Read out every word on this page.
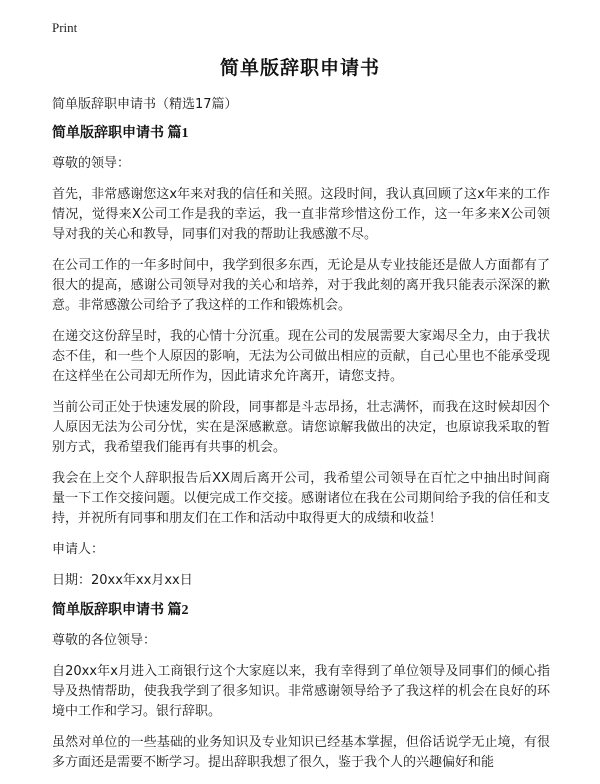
Print
简单版辞职申请书
简单版辞职申请书（精选17篇）
简单版辞职申请书 篇1
尊敬的领导：
首先，非常感谢您这x年来对我的信任和关照。这段时间，我认真回顾了这x年来的工作情况，觉得来X公司工作是我的幸运，我一直非常珍惜这份工作，这一年多来X公司领导对我的关心和教导，同事们对我的帮助让我感激不尽。
在公司工作的一年多时间中，我学到很多东西，无论是从专业技能还是做人方面都有了很大的提高，感谢公司领导对我的关心和培养，对于我此刻的离开我只能表示深深的歉意。非常感激公司给予了我这样的工作和锻炼机会。
在递交这份辞呈时，我的心情十分沉重。现在公司的发展需要大家竭尽全力，由于我状态不佳，和一些个人原因的影响，无法为公司做出相应的贡献，自己心里也不能承受现在这样坐在公司却无所作为，因此请求允许离开，请您支持。
当前公司正处于快速发展的阶段，同事都是斗志昂扬，壮志满怀，而我在这时候却因个人原因无法为公司分忧，实在是深感歉意。请您谅解我做出的决定，也原谅我采取的暂别方式，我希望我们能再有共事的机会。
我会在上交个人辞职报告后XX周后离开公司，我希望公司领导在百忙之中抽出时间商量一下工作交接问题。以便完成工作交接。感谢诸位在我在公司期间给予我的信任和支持，并祝所有同事和朋友们在工作和活动中取得更大的成绩和收益！
申请人：
日期：20xx年xx月xx日
简单版辞职申请书 篇2
尊敬的各位领导：
自20xx年x月进入工商银行这个大家庭以来，我有幸得到了单位领导及同事们的倾心指导及热情帮助，使我我学到了很多知识。非常感谢领导给予了我这样的机会在良好的环境中工作和学习。银行辞职。
虽然对单位的一些基础的业务知识及专业知识已经基本掌握，但俗话说学无止境，有很多方面还是需要不断学习。提出辞职我想了很久，鉴于我个人的兴趣偏好和能
